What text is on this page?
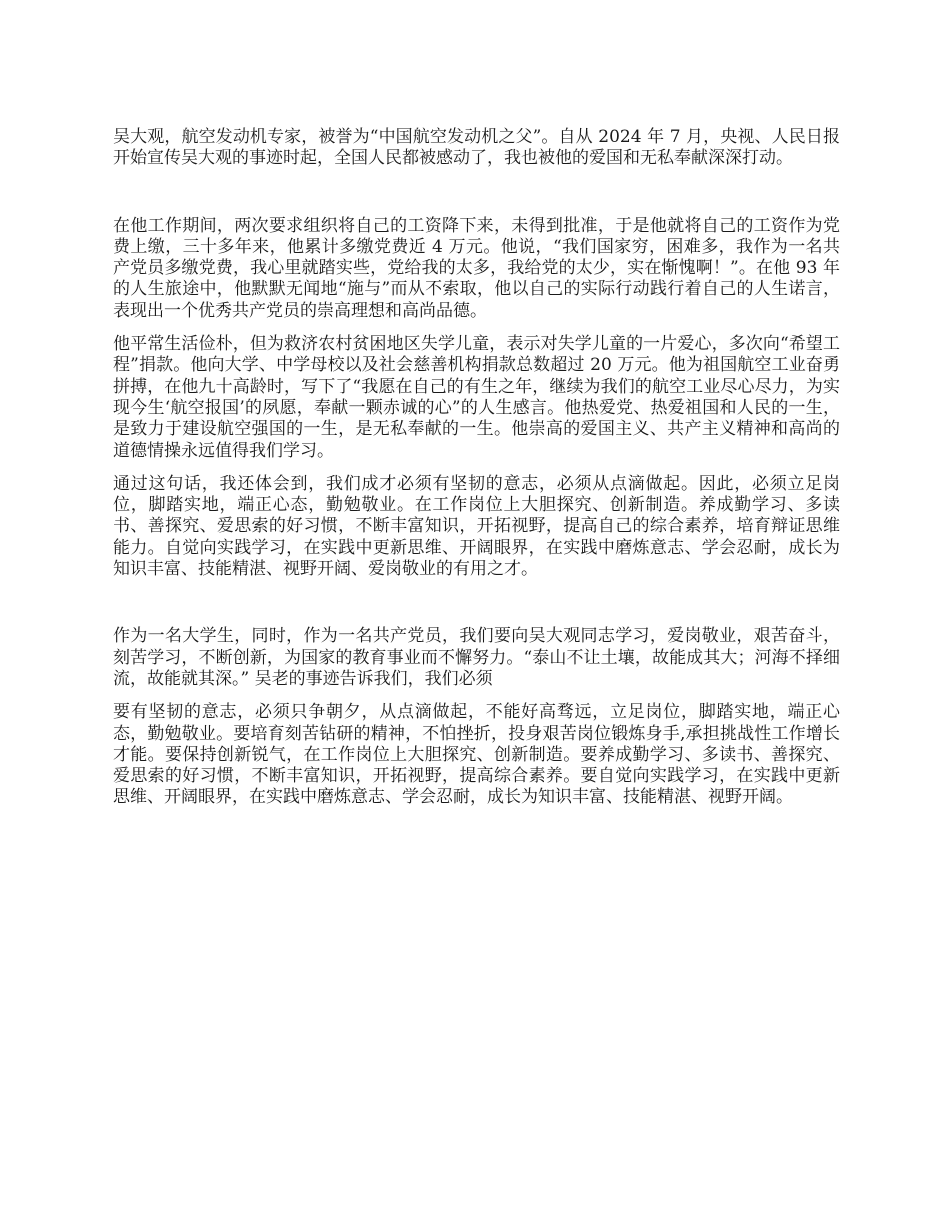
吴大观，航空发动机专家，被誉为“中国航空发动机之父”。自从 2024 年 7 月，央视、人民日报开始宣传吴大观的事迹时起，全国人民都被感动了，我也被他的爱国和无私奉献深深打动。

在他工作期间，两次要求组织将自己的工资降下来，未得到批准，于是他就将自己的工资作为党费上缴，三十多年来，他累计多缴党费近 4 万元。他说，“我们国家穷，困难多，我作为一名共产党员多缴党费，我心里就踏实些，党给我的太多，我给党的太少，实在惭愧啊！”。在他 93 年的人生旅途中，他默默无闻地“施与”而从不索取，他以自己的实际行动践行着自己的人生诺言，表现出一个优秀共产党员的崇高理想和高尚品德。

他平常生活俭朴，但为救济农村贫困地区失学儿童，表示对失学儿童的一片爱心，多次向“希望工程”捐款。他向大学、中学母校以及社会慈善机构捐款总数超过 20 万元。他为祖国航空工业奋勇拼搏，在他九十高龄时，写下了“我愿在自己的有生之年，继续为我们的航空工业尽心尽力，为实现今生‘航空报国’的夙愿，奉献一颗赤诚的心”的人生感言。他热爱党、热爱祖国和人民的一生，是致力于建设航空强国的一生，是无私奉献的一生。他崇高的爱国主义、共产主义精神和高尚的道德情操永远值得我们学习。

通过这句话，我还体会到，我们成才必须有坚韧的意志，必须从点滴做起。因此，必须立足岗位，脚踏实地，端正心态，勤勉敬业。在工作岗位上大胆探究、创新制造。养成勤学习、多读书、善探究、爱思索的好习惯，不断丰富知识，开拓视野，提高自己的综合素养，培育辩证思维能力。自觉向实践学习，在实践中更新思维、开阔眼界，在实践中磨炼意志、学会忍耐，成长为知识丰富、技能精湛、视野开阔、爱岗敬业的有用之才。

作为一名大学生，同时，作为一名共产党员，我们要向吴大观同志学习，爱岗敬业，艰苦奋斗，刻苦学习，不断创新，为国家的教育事业而不懈努力。“泰山不让土壤，故能成其大；河海不择细流，故能就其深。” 吴老的事迹告诉我们，我们必须

要有坚韧的意志，必须只争朝夕，从点滴做起，不能好高骛远，立足岗位，脚踏实地，端正心态，勤勉敬业。要培育刻苦钻研的精神，不怕挫折，投身艰苦岗位锻炼身手,承担挑战性工作增长才能。要保持创新锐气，在工作岗位上大胆探究、创新制造。要养成勤学习、多读书、善探究、爱思索的好习惯，不断丰富知识，开拓视野，提高综合素养。要自觉向实践学习，在实践中更新思维、开阔眼界，在实践中磨炼意志、学会忍耐，成长为知识丰富、技能精湛、视野开阔。
